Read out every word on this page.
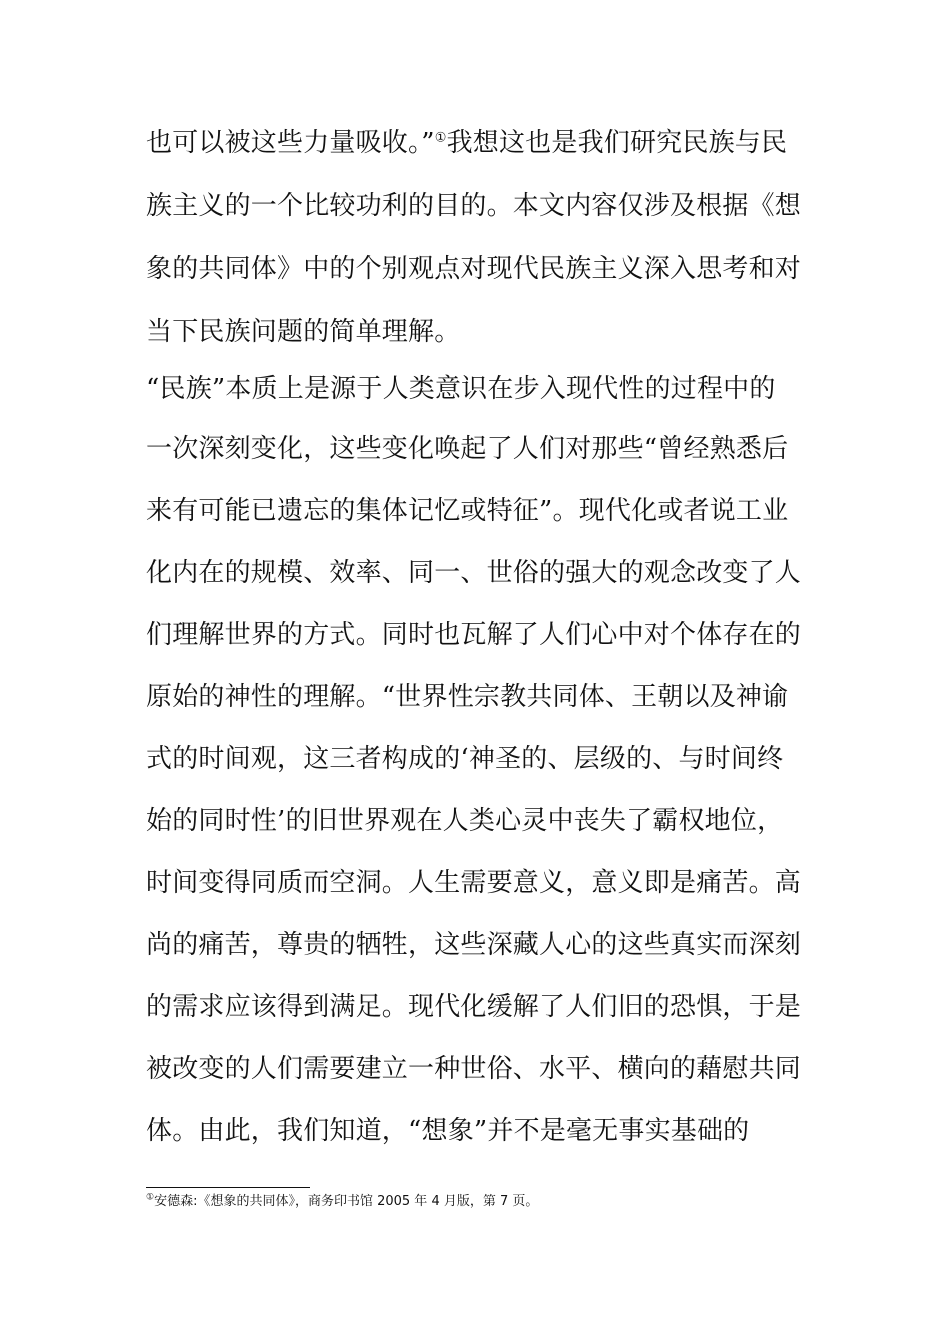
也可以被这些力量吸收。”①我想这也是我们研究民族与民
族主义的一个比较功利的目的。本文内容仅涉及根据《想
象的共同体》中的个别观点对现代民族主义深入思考和对
当下民族问题的简单理解。
“民族”本质上是源于人类意识在步入现代性的过程中的
一次深刻变化，这些变化唤起了人们对那些“曾经熟悉后
来有可能已遗忘的集体记忆或特征”。现代化或者说工业
化内在的规模、效率、同一、世俗的强大的观念改变了人
们理解世界的方式。同时也瓦解了人们心中对个体存在的
原始的神性的理解。“世界性宗教共同体、王朝以及神谕
式的时间观，这三者构成的‘神圣的、层级的、与时间终
始的同时性’的旧世界观在人类心灵中丧失了霸权地位，
时间变得同质而空洞。人生需要意义，意义即是痛苦。高
尚的痛苦，尊贵的牺牲，这些深藏人心的这些真实而深刻
的需求应该得到满足。现代化缓解了人们旧的恐惧，于是
被改变的人们需要建立一种世俗、水平、横向的藉慰共同
体。由此，我们知道，“想象”并不是毫无事实基础的
①安德森:《想象的共同体》，商务印书馆 2005 年 4 月版，第 7 页。
